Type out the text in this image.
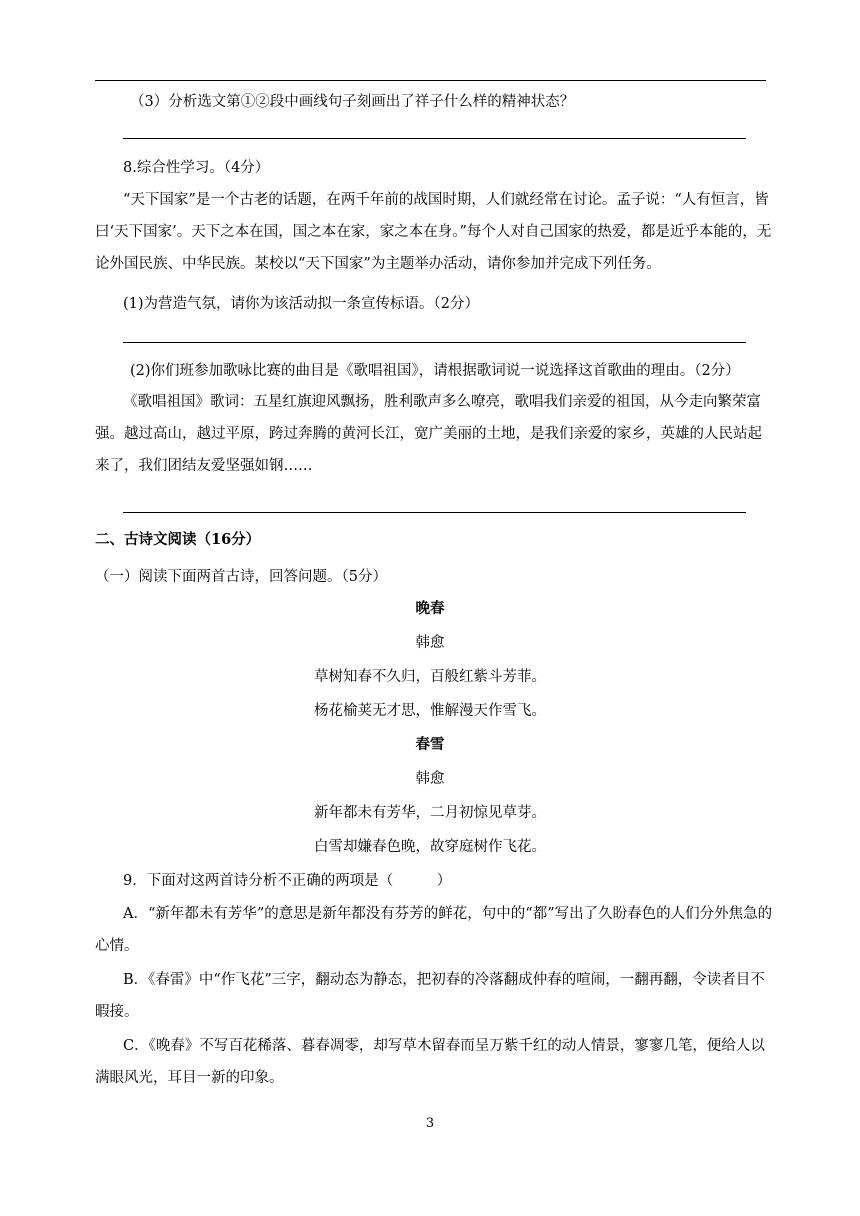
（3）分析选文第①②段中画线句子刻画出了祥子什么样的精神状态？
8.综合性学习。（4分）
“天下国家”是一个古老的话题，在两千年前的战国时期，人们就经常在讨论。孟子说：“人有恒言，皆曰‘天下国家’。天下之本在国，国之本在家，家之本在身。”每个人对自己国家的热爱，都是近乎本能的，无论外国民族、中华民族。某校以“天下国家”为主题举办活动，请你参加并完成下列任务。
(1)为营造气氛，请你为该活动拟一条宣传标语。（2分）
(2)你们班参加歌咏比赛的曲目是《歌唱祖国》，请根据歌词说一说选择这首歌曲的理由。（2分）
《歌唱祖国》歌词：五星红旗迎风飘扬，胜利歌声多么嘹亮，歌唱我们亲爱的祖国，从今走向繁荣富强。越过高山，越过平原，跨过奔腾的黄河长江，宽广美丽的土地，是我们亲爱的家乡，英雄的人民站起来了，我们团结友爱坚强如钢……
二、古诗文阅读（16分）
（一）阅读下面两首古诗，回答问题。（5分）
晚春
韩愈
草树知春不久归，百般红紫斗芳菲。
杨花榆荚无才思，惟解漫天作雪飞。
春雪
韩愈
新年都未有芳华，二月初惊见草芽。
白雪却嫌春色晚，故穿庭树作飞花。
9．下面对这两首诗分析不正确的两项是（　　　）
A．“新年都未有芳华”的意思是新年都没有芬芳的鲜花，句中的“都”写出了久盼春色的人们分外焦急的心情。
B．《春雷》中“作飞花”三字，翻动态为静态，把初春的冷落翻成仲春的喧闹，一翻再翻，令读者目不暇接。
C．《晚春》不写百花稀落、暮春凋零，却写草木留春而呈万紫千红的动人情景，寥寥几笔，便给人以满眼风光，耳目一新的印象。
3
